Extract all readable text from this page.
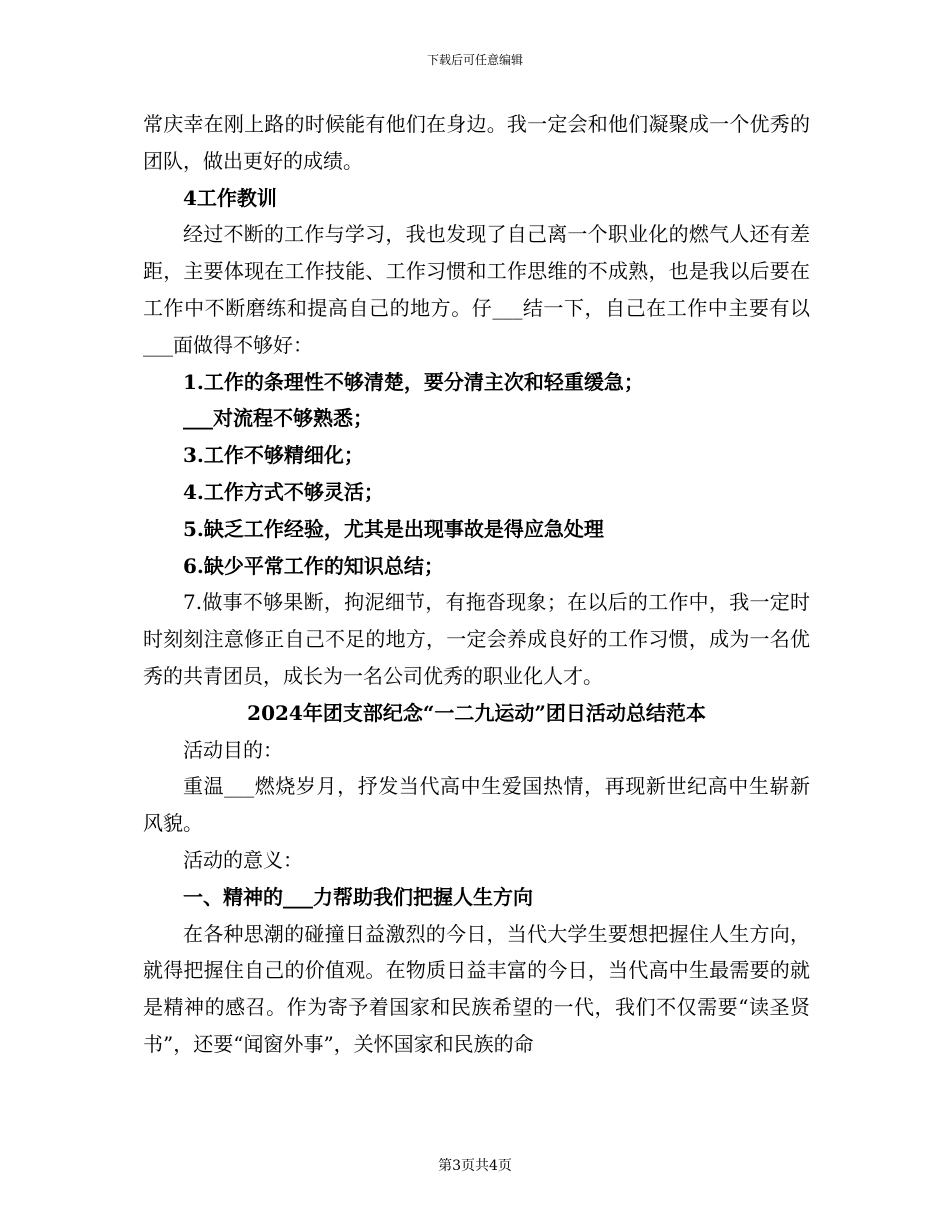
下载后可任意编辑

常庆幸在刚上路的时候能有他们在身边。我一定会和他们凝聚成一个优秀的团队，做出更好的成绩。

4工作教训

经过不断的工作与学习，我也发现了自己离一个职业化的燃气人还有差距，主要体现在工作技能、工作习惯和工作思维的不成熟，也是我以后要在工作中不断磨练和提高自己的地方。仔___结一下，自己在工作中主要有以___面做得不够好：

1.工作的条理性不够清楚，要分清主次和轻重缓急；

___对流程不够熟悉；

3.工作不够精细化；

4.工作方式不够灵活；

5.缺乏工作经验，尤其是出现事故是得应急处理

6.缺少平常工作的知识总结；

7.做事不够果断，拘泥细节，有拖沓现象；在以后的工作中，我一定时时刻刻注意修正自己不足的地方，一定会养成良好的工作习惯，成为一名优秀的共青团员，成长为一名公司优秀的职业化人才。

2024年团支部纪念“一二九运动”团日活动总结范本

活动目的：

重温___燃烧岁月，抒发当代高中生爱国热情，再现新世纪高中生崭新风貌。

活动的意义：

一、精神的___力帮助我们把握人生方向

在各种思潮的碰撞日益激烈的今日，当代大学生要想把握住人生方向，就得把握住自己的价值观。在物质日益丰富的今日，当代高中生最需要的就是精神的感召。作为寄予着国家和民族希望的一代，我们不仅需要“读圣贤书”，还要“闻窗外事”，关怀国家和民族的命

第3页共4页
